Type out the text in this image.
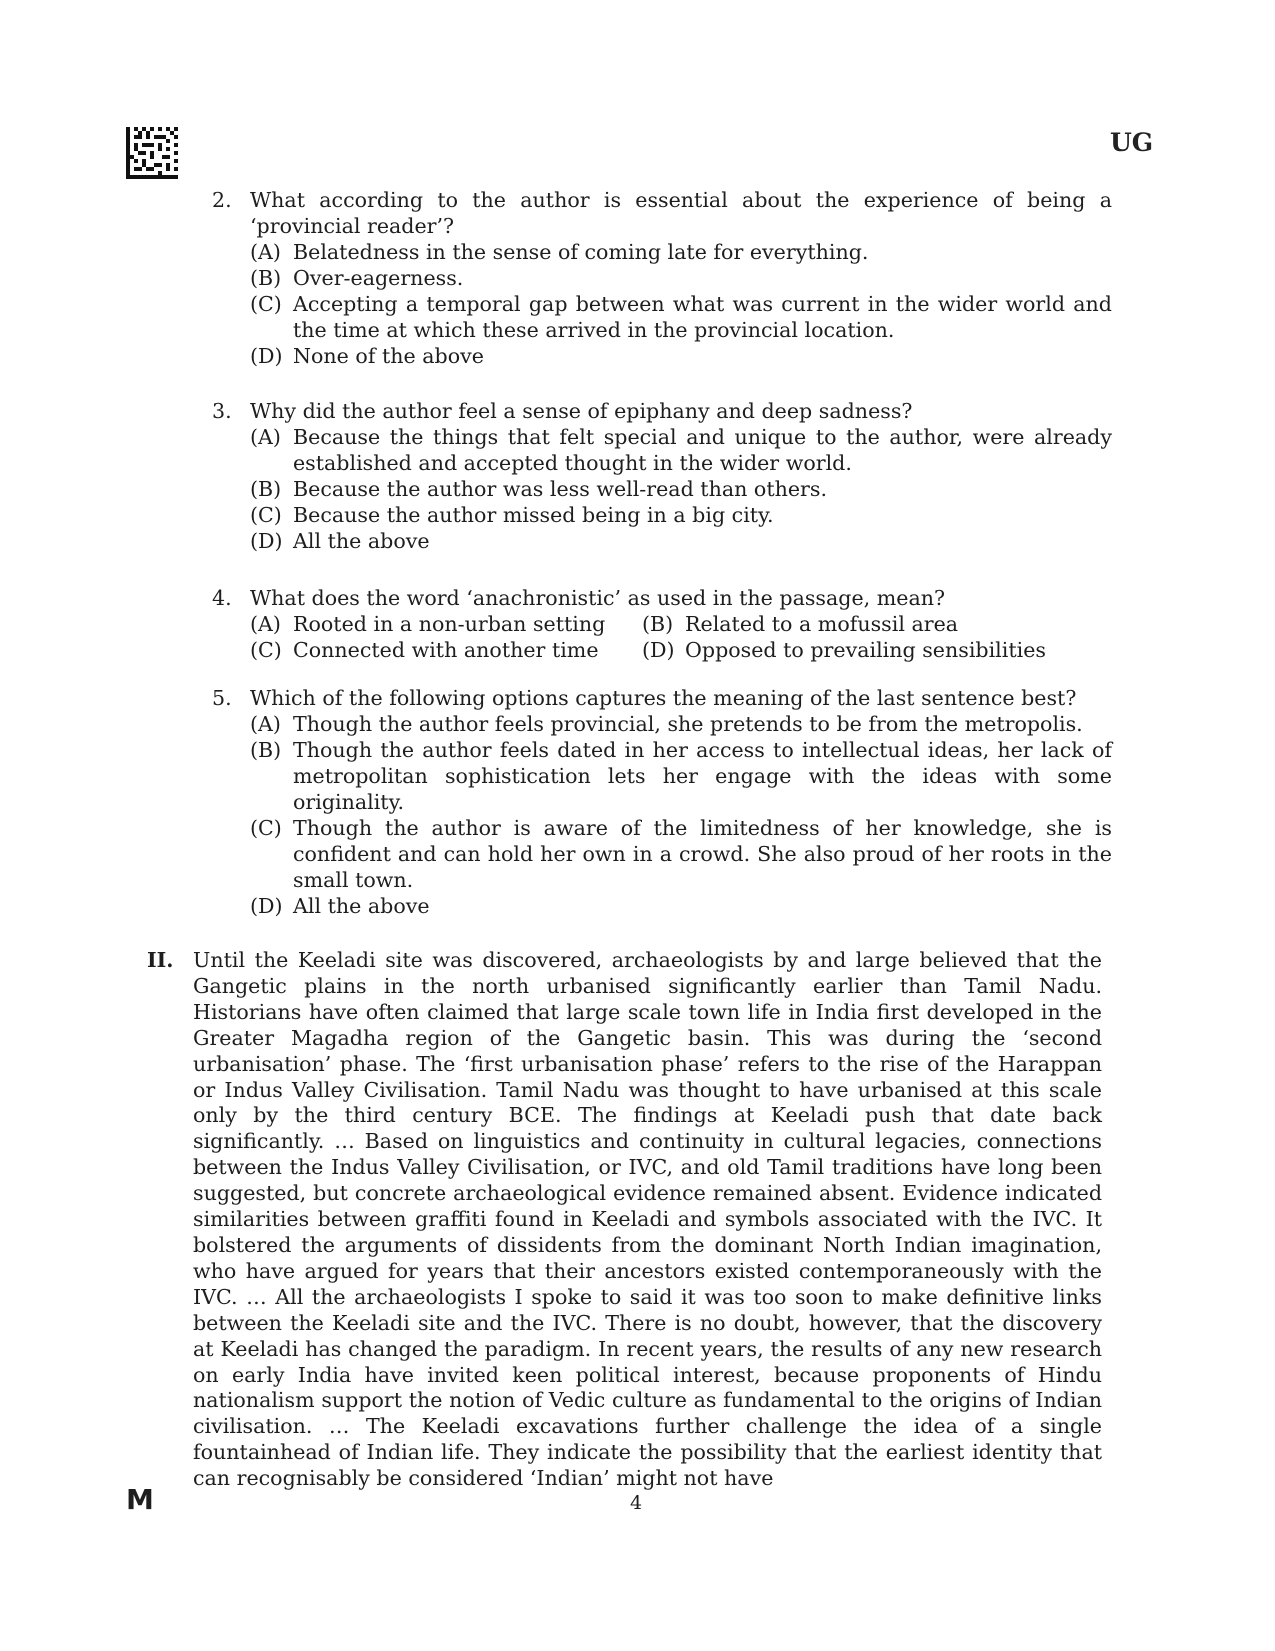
UG
2. What according to the author is essential about the experience of being a ‘provincial reader’?
(A) Belatedness in the sense of coming late for everything.
(B) Over-eagerness.
(C) Accepting a temporal gap between what was current in the wider world and the time at which these arrived in the provincial location.
(D) None of the above
3. Why did the author feel a sense of epiphany and deep sadness?
(A) Because the things that felt special and unique to the author, were already established and accepted thought in the wider world.
(B) Because the author was less well-read than others.
(C) Because the author missed being in a big city.
(D) All the above
4. What does the word ‘anachronistic’ as used in the passage, mean?
(A) Rooted in a non-urban setting	(B) Related to a mofussil area
(C) Connected with another time	(D) Opposed to prevailing sensibilities
5. Which of the following options captures the meaning of the last sentence best?
(A) Though the author feels provincial, she pretends to be from the metropolis.
(B) Though the author feels dated in her access to intellectual ideas, her lack of metropolitan sophistication lets her engage with the ideas with some originality.
(C) Though the author is aware of the limitedness of her knowledge, she is confident and can hold her own in a crowd. She also proud of her roots in the small town.
(D) All the above
II. Until the Keeladi site was discovered, archaeologists by and large believed that the Gangetic plains in the north urbanised significantly earlier than Tamil Nadu. Historians have often claimed that large scale town life in India first developed in the Greater Magadha region of the Gangetic basin. This was during the ‘second urbanisation’ phase. The ‘first urbanisation phase’ refers to the rise of the Harappan or Indus Valley Civilisation. Tamil Nadu was thought to have urbanised at this scale only by the third century BCE. The findings at Keeladi push that date back significantly. … Based on linguistics and continuity in cultural legacies, connections between the Indus Valley Civilisation, or IVC, and old Tamil traditions have long been suggested, but concrete archaeological evidence remained absent. Evidence indicated similarities between graffiti found in Keeladi and symbols associated with the IVC. It bolstered the arguments of dissidents from the dominant North Indian imagination, who have argued for years that their ancestors existed contemporaneously with the IVC. … All the archaeologists I spoke to said it was too soon to make definitive links between the Keeladi site and the IVC. There is no doubt, however, that the discovery at Keeladi has changed the paradigm. In recent years, the results of any new research on early India have invited keen political interest, because proponents of Hindu nationalism support the notion of Vedic culture as fundamental to the origins of Indian civilisation. … The Keeladi excavations further challenge the idea of a single fountainhead of Indian life. They indicate the possibility that the earliest identity that can recognisably be considered ‘Indian’ might not have
M	4
